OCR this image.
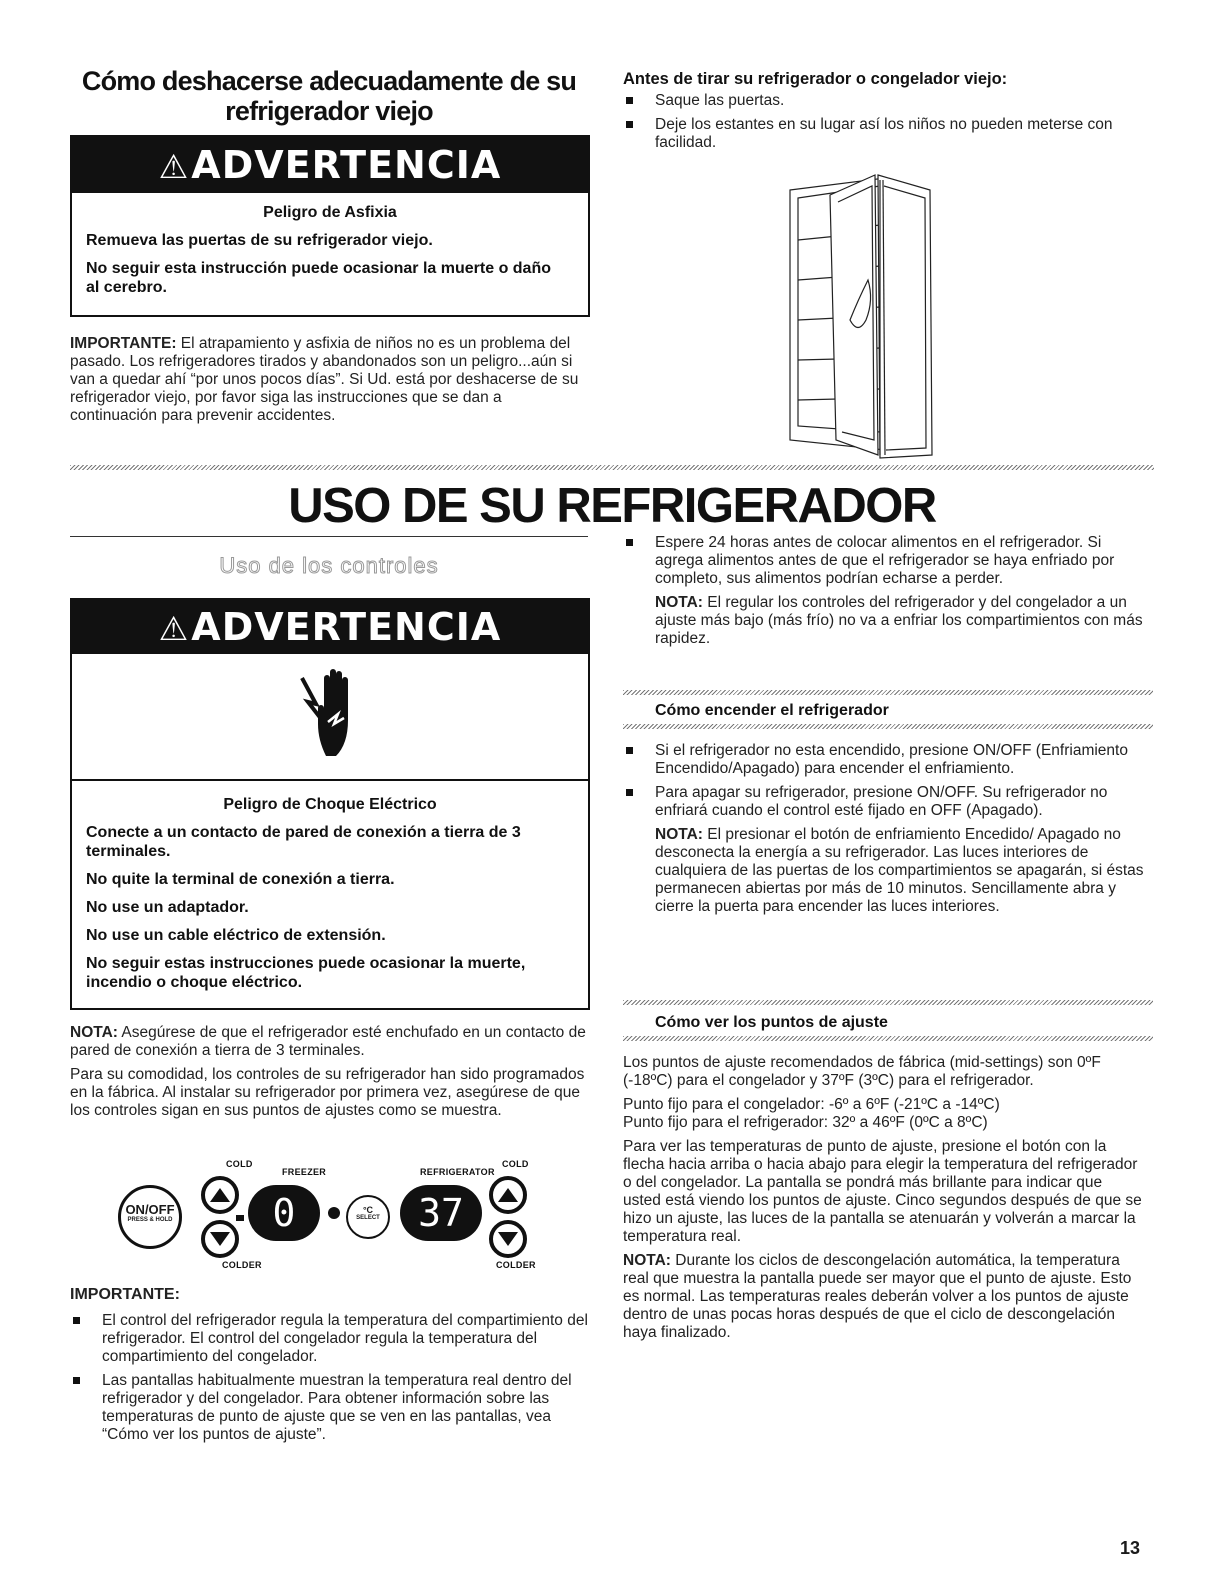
Cómo deshacerse adecuadamente de su
refrigerador viejo
⚠ADVERTENCIA

Peligro de Asfixia

Remueva las puertas de su refrigerador viejo.

No seguir esta instrucción puede ocasionar la muerte o daño al cerebro.

IMPORTANTE: El atrapamiento y asfixia de niños no es un problema del pasado. Los refrigeradores tirados y abandonados son un peligro...aún si van a quedar ahí “por unos pocos días”. Si Ud. está por deshacerse de su refrigerador viejo, por favor siga las instrucciones que se dan a continuación para prevenir accidentes.

Antes de tirar su refrigerador o congelador viejo:
Saque las puertas.
Deje los estantes en su lugar así los niños no pueden meterse con facilidad.
USO DE SU REFRIGERADOR
Uso de los controles
⚠ADVERTENCIA

Peligro de Choque Eléctrico

Conecte a un contacto de pared de conexión a tierra de 3 terminales.

No quite la terminal de conexión a tierra.

No use un adaptador.

No use un cable eléctrico de extensión.

No seguir estas instrucciones puede ocasionar la muerte, incendio o choque eléctrico.

NOTA: Asegúrese de que el refrigerador esté enchufado en un contacto de pared de conexión a tierra de 3 terminales.

Para su comodidad, los controles de su refrigerador han sido programados en la fábrica. Al instalar su refrigerador por primera vez, asegúrese de que los controles sigan en sus puntos de ajustes como se muestra.

COLD
FREEZER	REFRIGERATOR
COLD
COLDER	COLDER
ON/OFF
PRESS & HOLD	0	°C
SELECT	37
IMPORTANTE:
El control del refrigerador regula la temperatura del compartimiento del refrigerador. El control del congelador regula la temperatura del compartimiento del congelador.
Las pantallas habitualmente muestran la temperatura real dentro del refrigerador y del congelador. Para obtener información sobre las temperaturas de punto de ajuste que se ven en las pantallas, vea “Cómo ver los puntos de ajuste”.
Espere 24 horas antes de colocar alimentos en el refrigerador. Si agrega alimentos antes de que el refrigerador se haya enfriado por completo, sus alimentos podrían echarse a perder.

NOTA: El regular los controles del refrigerador y del congelador a un ajuste más bajo (más frío) no va a enfriar los compartimientos con más rapidez.

Cómo encender el refrigerador
Si el refrigerador no esta encendido, presione ON/OFF (Enfriamiento Encendido/Apagado) para encender el enfriamiento.
Para apagar su refrigerador, presione ON/OFF. Su refrigerador no enfriará cuando el control esté fijado en OFF (Apagado).

NOTA: El presionar el botón de enfriamiento Encedido/ Apagado no desconecta la energía a su refrigerador. Las luces interiores de cualquiera de las puertas de los compartimientos se apagarán, si éstas permanecen abiertas por más de 10 minutos. Sencillamente abra y cierre la puerta para encender las luces interiores.

Cómo ver los puntos de ajuste

Los puntos de ajuste recomendados de fábrica (mid-settings) son 0ºF (-18ºC) para el congelador y 37ºF (3ºC) para el refrigerador.

Punto fijo para el congelador: -6º a 6ºF (-21ºC a -14ºC)

Punto fijo para el refrigerador: 32º a 46ºF (0ºC a 8ºC)

Para ver las temperaturas de punto de ajuste, presione el botón con la flecha hacia arriba o hacia abajo para elegir la temperatura del refrigerador o del congelador. La pantalla se pondrá más brillante para indicar que usted está viendo los puntos de ajuste. Cinco segundos después de que se hizo un ajuste, las luces de la pantalla se atenuarán y volverán a marcar la temperatura real.

NOTA: Durante los ciclos de descongelación automática, la temperatura real que muestra la pantalla puede ser mayor que el punto de ajuste. Esto es normal. Las temperaturas reales deberán volver a los puntos de ajuste dentro de unas pocas horas después de que el ciclo de descongelación haya finalizado.

13
